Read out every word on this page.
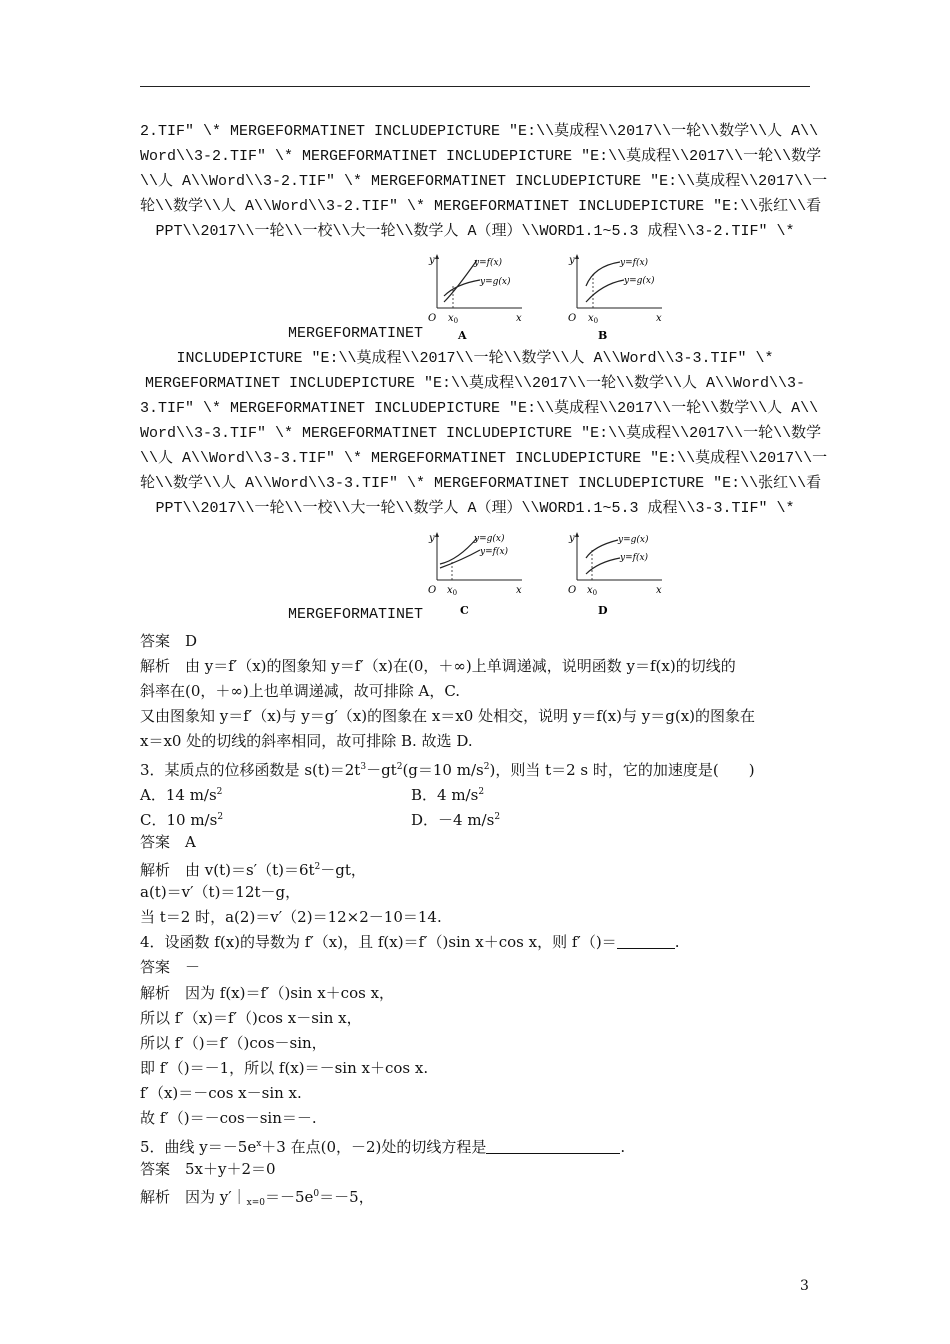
2.TIF" \* MERGEFORMATINET INCLUDEPICTURE "E:\\莫成程\\2017\\一轮\\数学\\人 A\\
Word\\3-2.TIF" \* MERGEFORMATINET INCLUDEPICTURE "E:\\莫成程\\2017\\一轮\\数学
\\人 A\\Word\\3-2.TIF" \* MERGEFORMATINET INCLUDEPICTURE "E:\\莫成程\\2017\\一
轮\\数学\\人 A\\Word\\3-2.TIF" \* MERGEFORMATINET INCLUDEPICTURE "E:\\张红\\看
PPT\\2017\\一轮\\一校\\大一轮\\数学人 A（理）\\WORD1.1~5.3 成程\\3-2.TIF" \*
y
x
O $x_0$
y=f(x)
y=g(x)
A
y
x
O $x_0$
y=f(x)
y=g(x)
B
MERGEFORMATINET
INCLUDEPICTURE "E:\\莫成程\\2017\\一轮\\数学\\人 A\\Word\\3-3.TIF" \*
MERGEFORMATINET INCLUDEPICTURE "E:\\莫成程\\2017\\一轮\\数学\\人 A\\Word\\3-
3.TIF" \* MERGEFORMATINET INCLUDEPICTURE "E:\\莫成程\\2017\\一轮\\数学\\人 A\\
Word\\3-3.TIF" \* MERGEFORMATINET INCLUDEPICTURE "E:\\莫成程\\2017\\一轮\\数学
\\人 A\\Word\\3-3.TIF" \* MERGEFORMATINET INCLUDEPICTURE "E:\\莫成程\\2017\\一
轮\\数学\\人 A\\Word\\3-3.TIF" \* MERGEFORMATINET INCLUDEPICTURE "E:\\张红\\看
PPT\\2017\\一轮\\一校\\大一轮\\数学人 A（理）\\WORD1.1~5.3 成程\\3-3.TIF" \*
y
x
O $x_0$
y=g(x)
y=f(x)
C
y
x
O $x_0$
y=g(x)
y=f(x)
D
MERGEFORMATINET
答案　D
解析　由 y＝f′（x)的图象知 y＝f′（x)在(0，＋∞)上单调递减，说明函数 y＝f(x)的切线的
斜率在(0，＋∞)上也单调递减，故可排除 A，C.
又由图象知 y＝f′（x)与 y＝g′（x)的图象在 x＝x0 处相交，说明 y＝f(x)与 y＝g(x)的图象在
x＝x0 处的切线的斜率相同，故可排除 B. 故选 D.
3．某质点的位移函数是 $s(t)=2t^3-gt^2(g=10$ $m/s^2$)，则当 t＝2 s 时，它的加速度是(　　)
A．14 $m/s^2$	B．4 $m/s^2$
C．10 $m/s^2$	D．－4 $m/s^2$
答案　A
解析　由 $v(t)=s'(t)=6t^2-gt$，
a(t)＝v′（t)＝12t－g，
当 t＝2 时，a(2)＝v′（2)＝12×2－10＝14.
4．设函数 f(x)的导数为 f′（x)，且 f(x)＝f′（)sin x＋cos x，则 f′（)＝	.
答案　－
解析　因为 f(x)＝f′（)sin x＋cos x，
所以 f′（x)＝f′（)cos x－sin x，
所以 f′（)＝f′（)cos－sin，
即 f′（)＝－1，所以 f(x)＝－sin x＋cos x.
f′（x)＝－cos x－sin x.
故 f′（)＝－cos－sin＝－.
5．曲线 $y=-5e^x+3$ 在点(0，－2)处的切线方程是	.
答案　5x＋y＋2＝0
解析　因为 $y'|_{x=0}=-5e^0=-5$，
3
